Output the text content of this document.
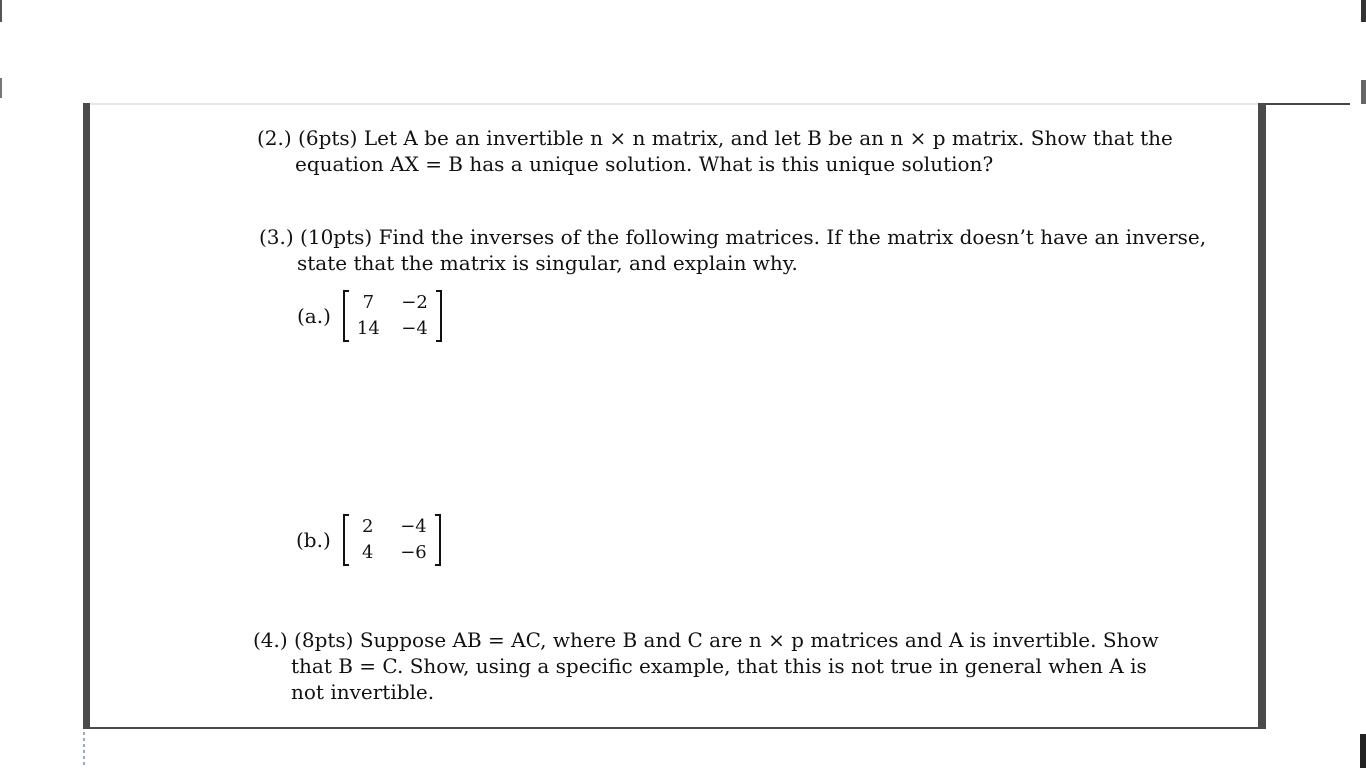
(2.) (6pts) Let A be an invertible n × n matrix, and let B be an n × p matrix. Show that the
equation AX = B has a unique solution. What is this unique solution?
(3.) (10pts) Find the inverses of the following matrices. If the matrix doesn’t have an inverse,
state that the matrix is singular, and explain why.
(a.)
7	−2
14 −4
(b.)
2 −4
4 −6
(4.) (8pts) Suppose AB = AC, where B and C are n × p matrices and A is invertible. Show
that B = C. Show, using a specific example, that this is not true in general when A is
not invertible.
